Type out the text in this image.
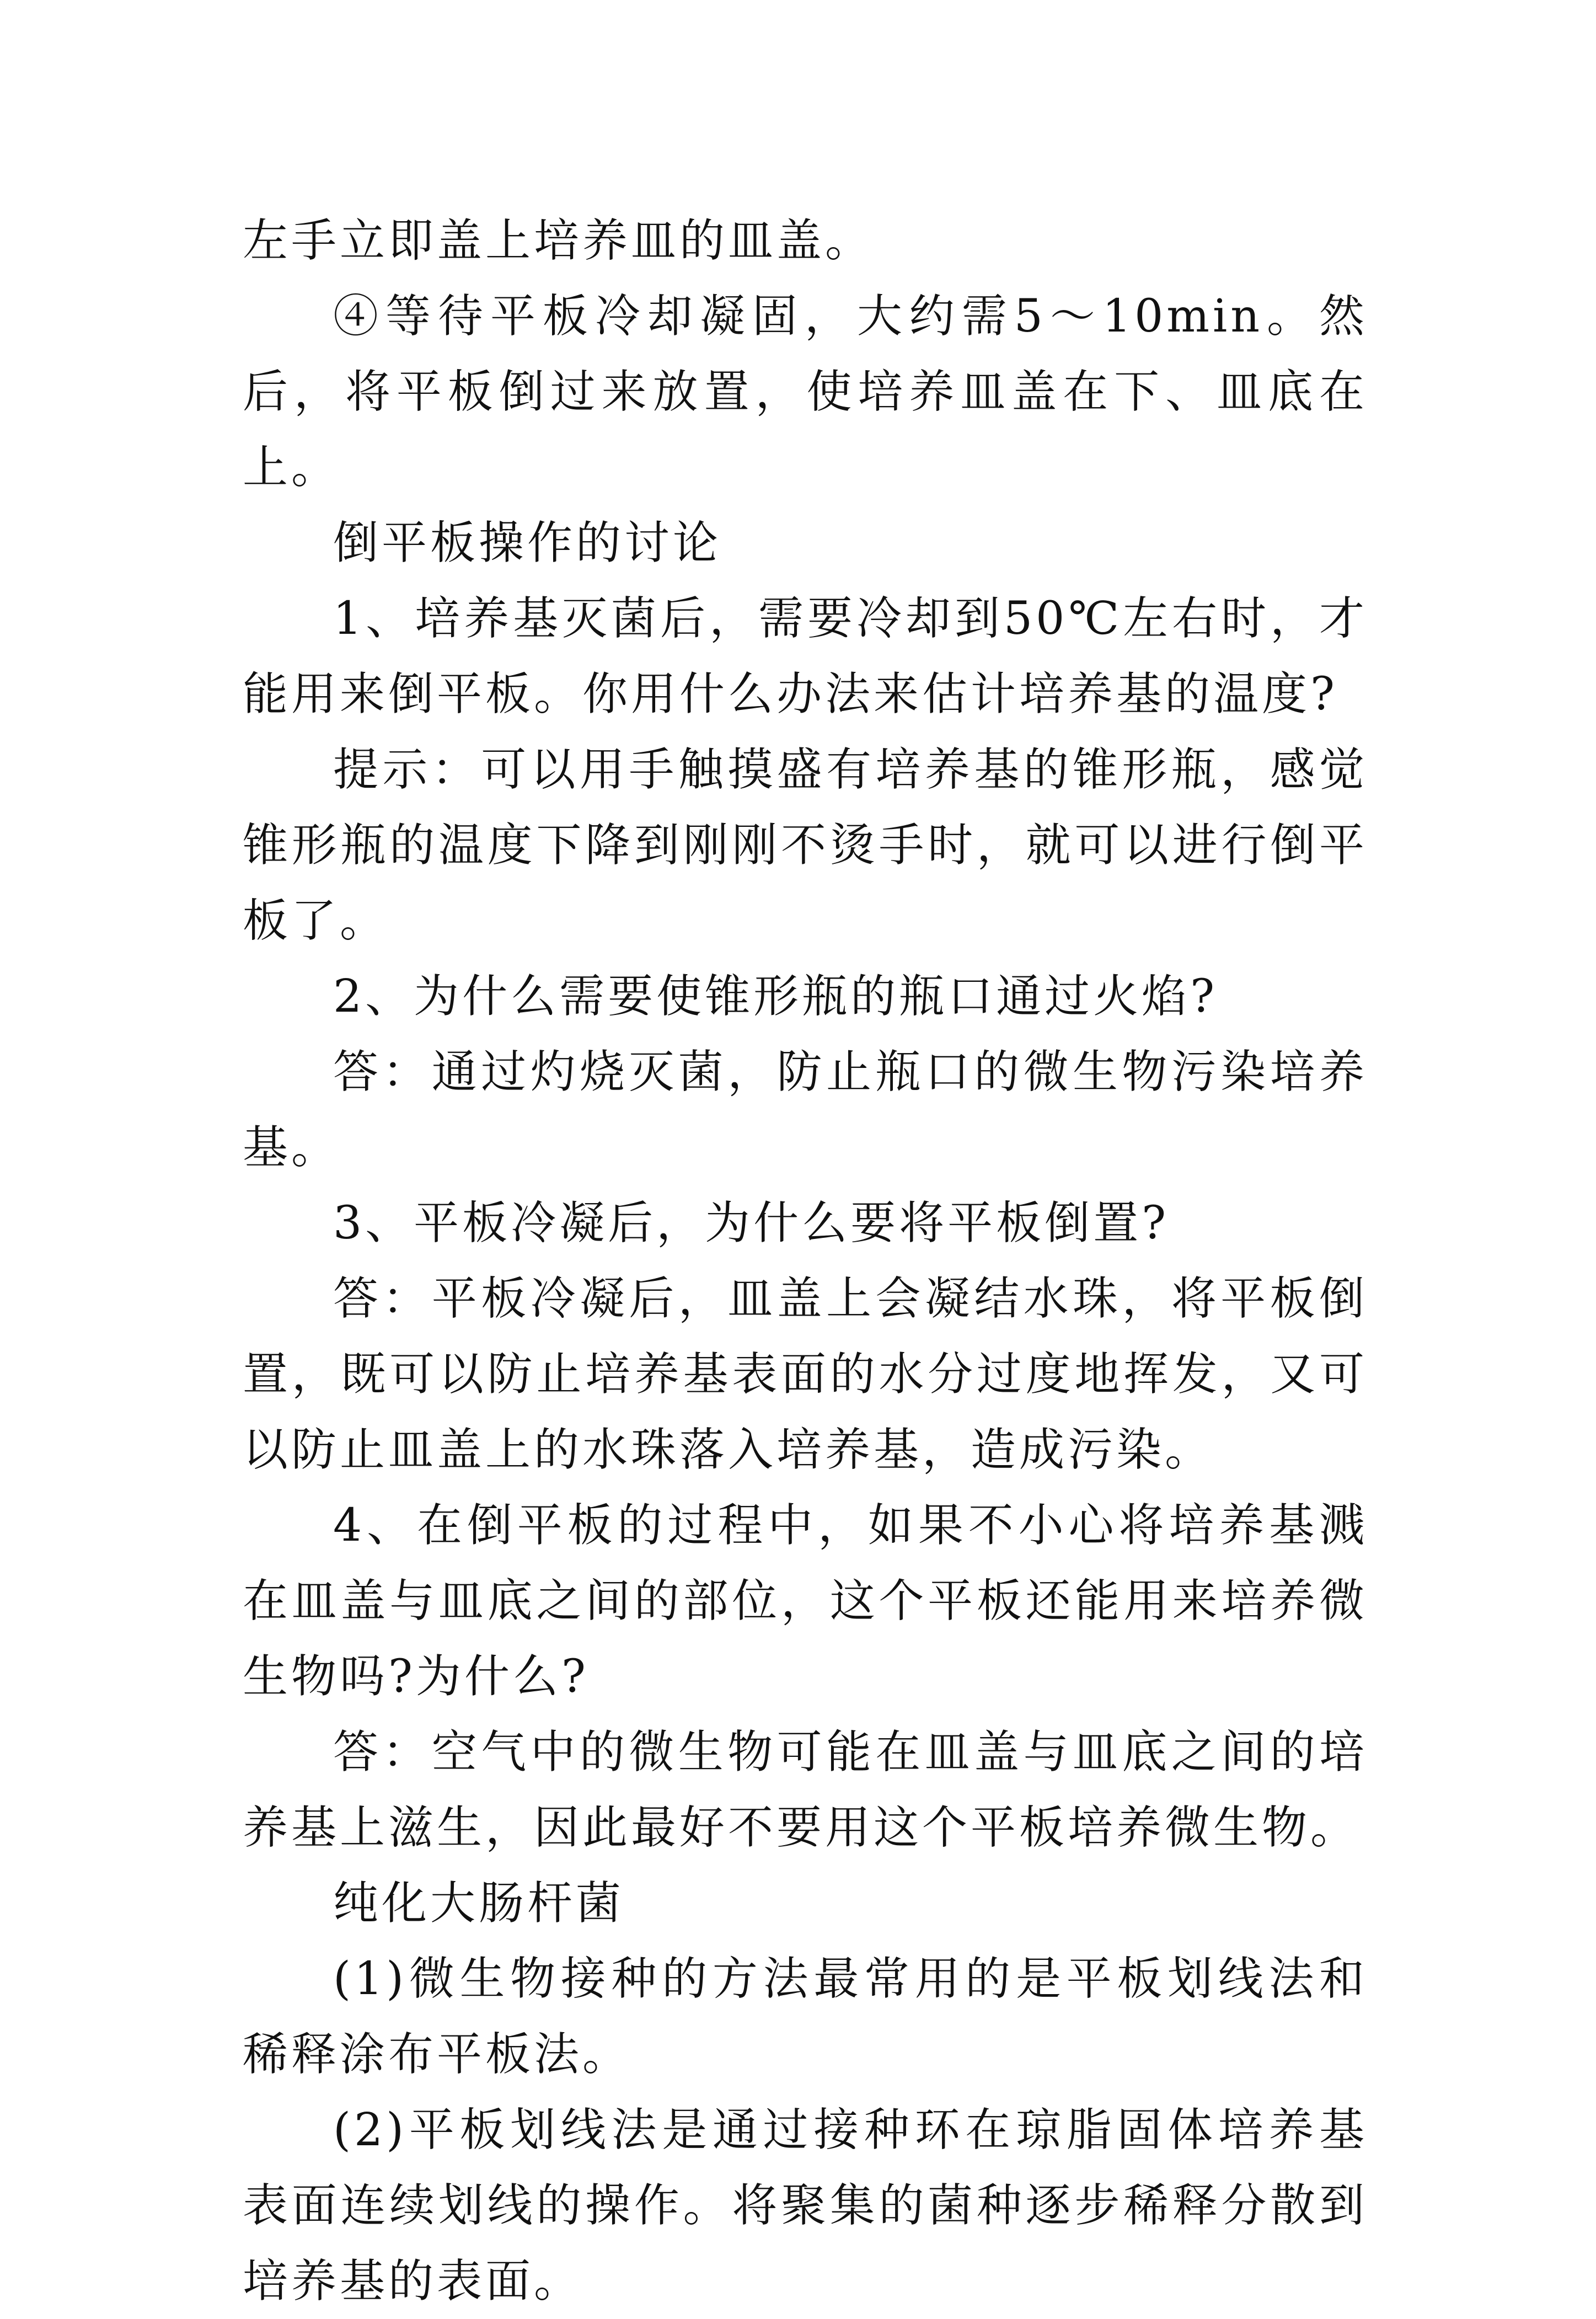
左手立即盖上培养皿的皿盖。

④等待平板冷却凝固，大约需5～10min。然后，将平板倒过来放置，使培养皿盖在下、皿底在上。

倒平板操作的讨论

1、培养基灭菌后，需要冷却到50℃左右时，才能用来倒平板。你用什么办法来估计培养基的温度?

提示：可以用手触摸盛有培养基的锥形瓶，感觉锥形瓶的温度下降到刚刚不烫手时，就可以进行倒平板了。

2、为什么需要使锥形瓶的瓶口通过火焰?

答：通过灼烧灭菌，防止瓶口的微生物污染培养基。

3、平板冷凝后，为什么要将平板倒置?

答：平板冷凝后，皿盖上会凝结水珠，将平板倒置，既可以防止培养基表面的水分过度地挥发，又可以防止皿盖上的水珠落入培养基，造成污染。

4、在倒平板的过程中，如果不小心将培养基溅在皿盖与皿底之间的部位，这个平板还能用来培养微生物吗?为什么?

答：空气中的微生物可能在皿盖与皿底之间的培养基上滋生，因此最好不要用这个平板培养微生物。

纯化大肠杆菌

(1)微生物接种的方法最常用的是平板划线法和稀释涂布平板法。

(2)平板划线法是通过接种环在琼脂固体培养基表面连续划线的操作。将聚集的菌种逐步稀释分散到培养基的表面。
